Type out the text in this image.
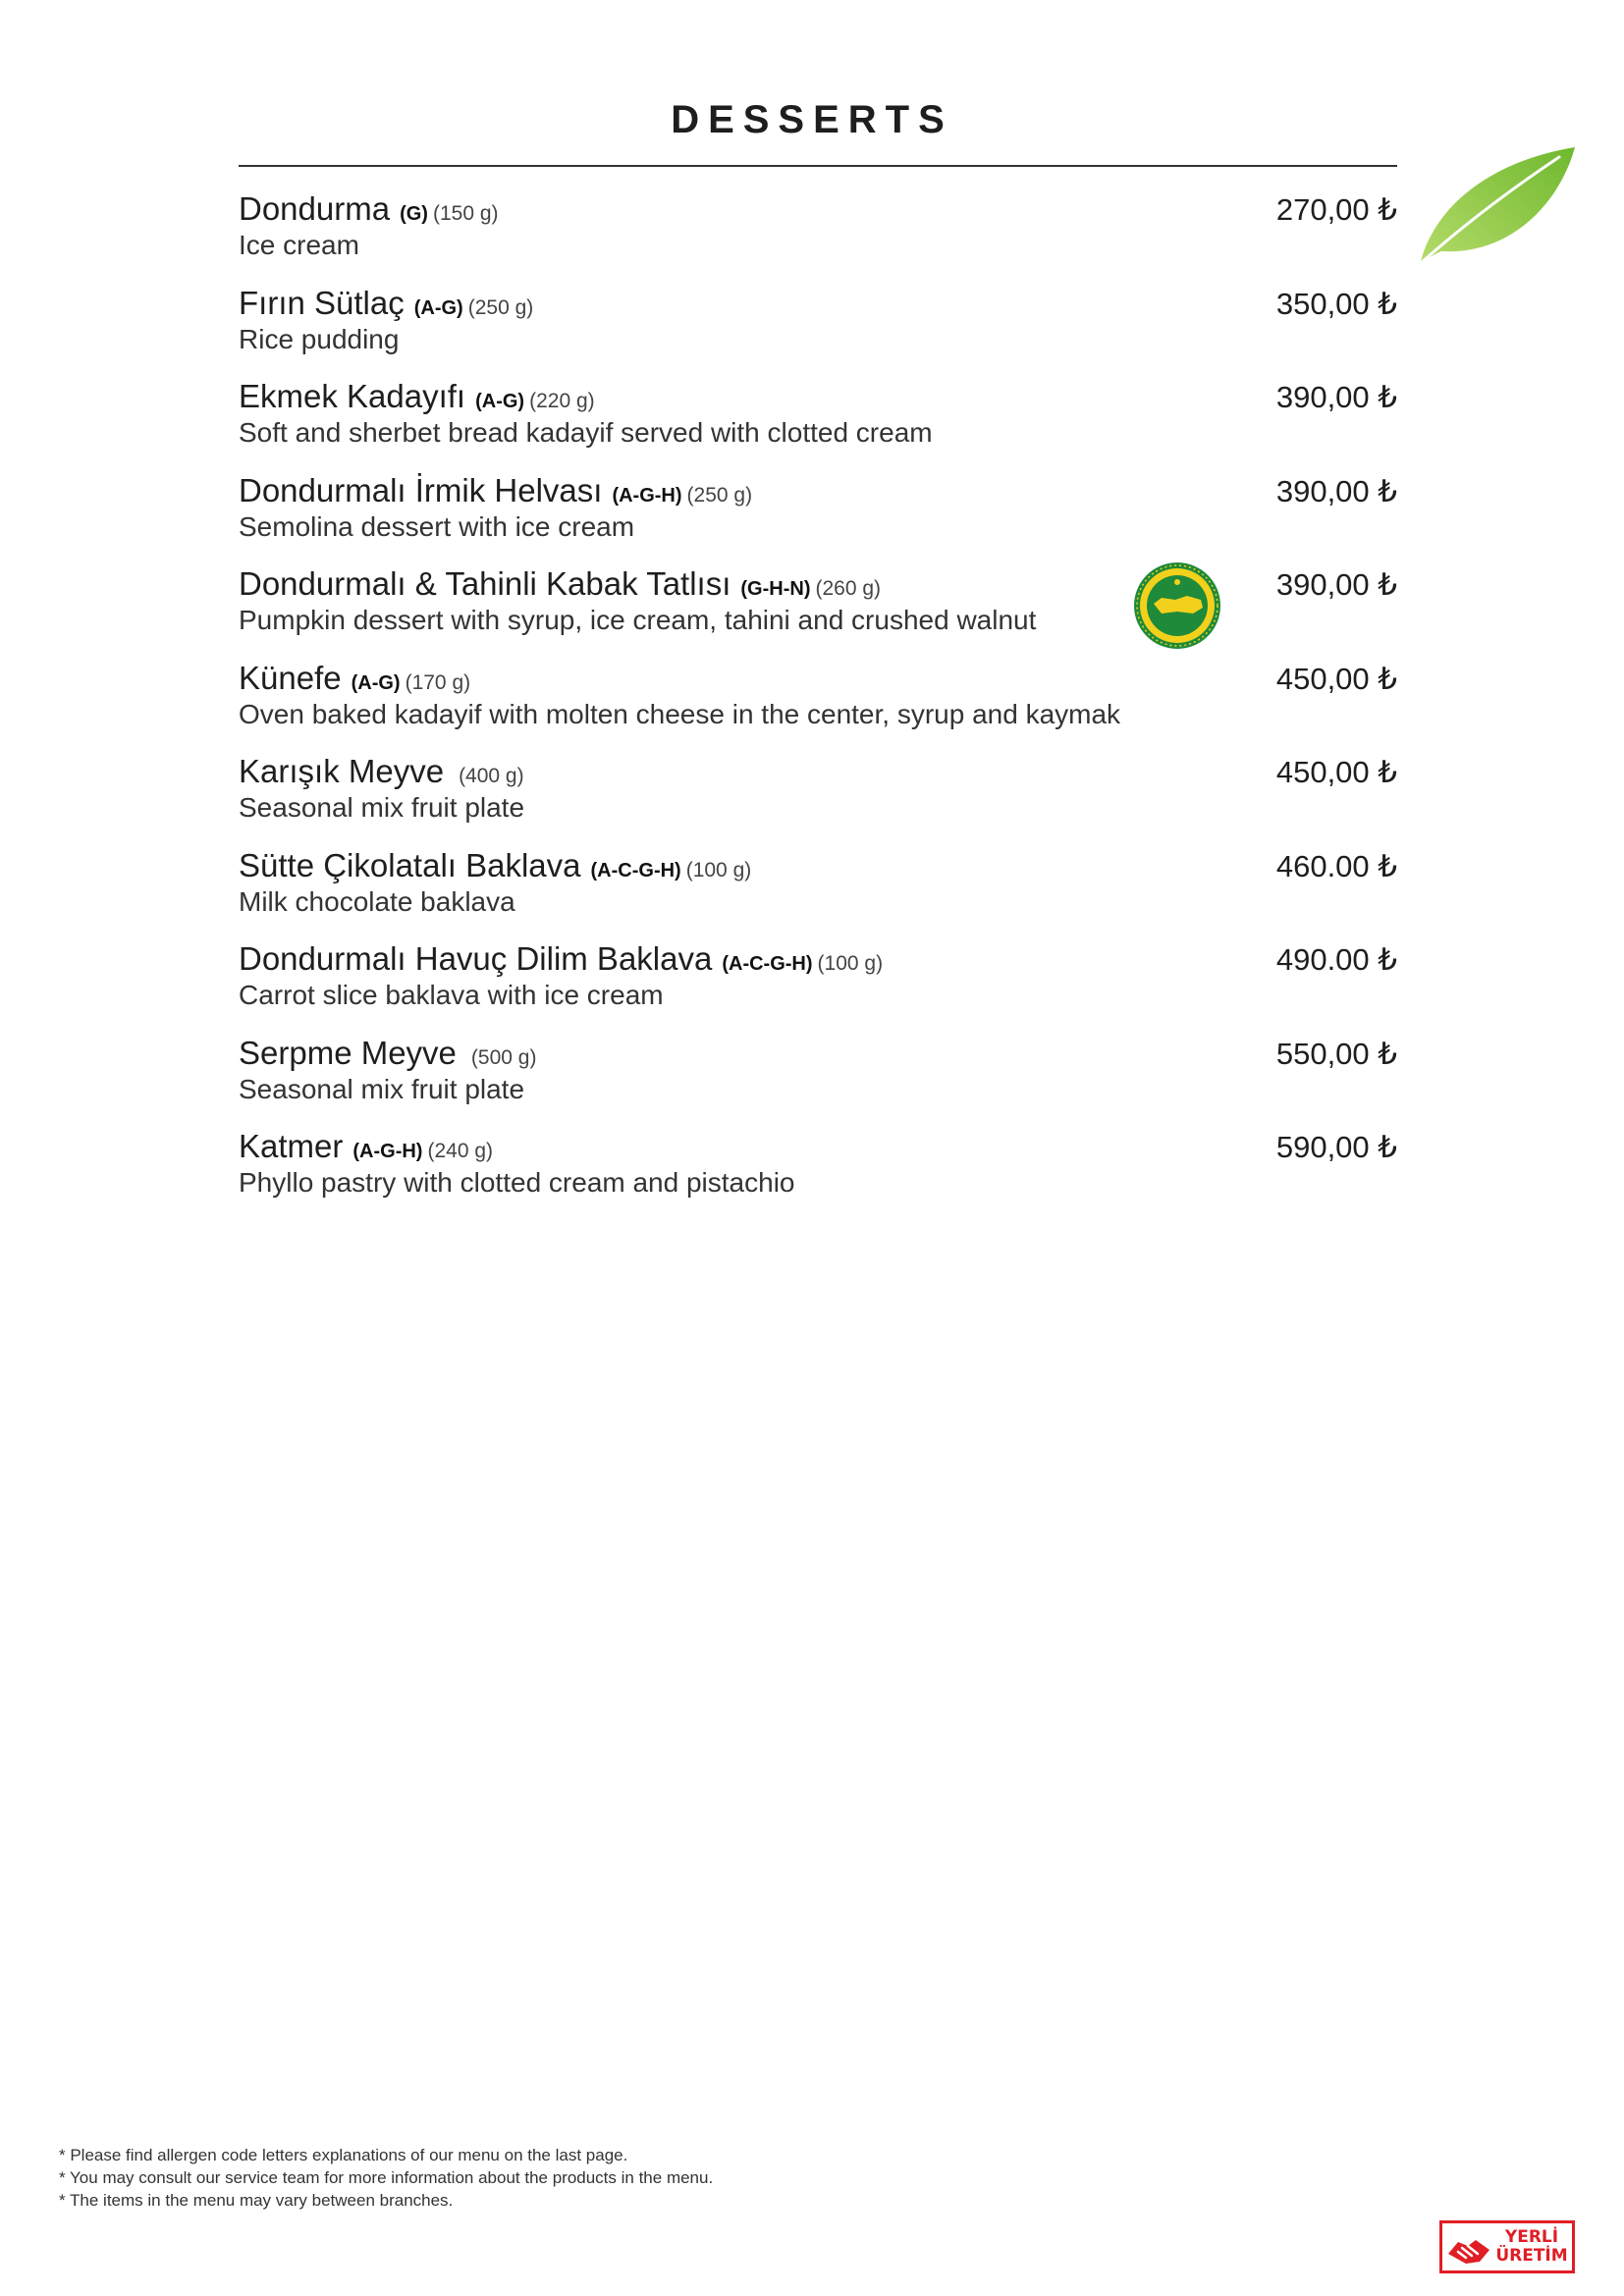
DESSERTS
Dondurma (G) (150 g)	270,00 ₺
Ice cream
Fırın Sütlaç (A-G) (250 g)	350,00 ₺
Rice pudding
Ekmek Kadayıfı (A-G) (220 g)	390,00 ₺
Soft and sherbet bread kadayif served with clotted cream
Dondurmalı İrmik Helvası (A-G-H) (250 g)	390,00 ₺
Semolina dessert with ice cream
Dondurmalı & Tahinli Kabak Tatlısı (G-H-N) (260 g)	390,00 ₺
Pumpkin dessert with syrup, ice cream, tahini and crushed walnut
Künefe (A-G) (170 g)	450,00 ₺
Oven baked kadayif with molten cheese in the center, syrup and kaymak
Karışık Meyve (400 g)	450,00 ₺
Seasonal mix fruit plate
Sütte Çikolatalı Baklava (A-C-G-H) (100 g)	460.00 ₺
Milk chocolate baklava
Dondurmalı Havuç Dilim Baklava (A-C-G-H) (100 g)	490.00 ₺
Carrot slice baklava with ice cream
Serpme Meyve (500 g)	550,00 ₺
Seasonal mix fruit plate
Katmer (A-G-H) (240 g)	590,00 ₺
Phyllo pastry with clotted cream and pistachio
* Please find allergen code letters explanations of our menu on the last page.
* You may consult our service team for more information about the products in the menu.
* The items in the menu may vary between branches.
YERLİ
ÜRETİM
